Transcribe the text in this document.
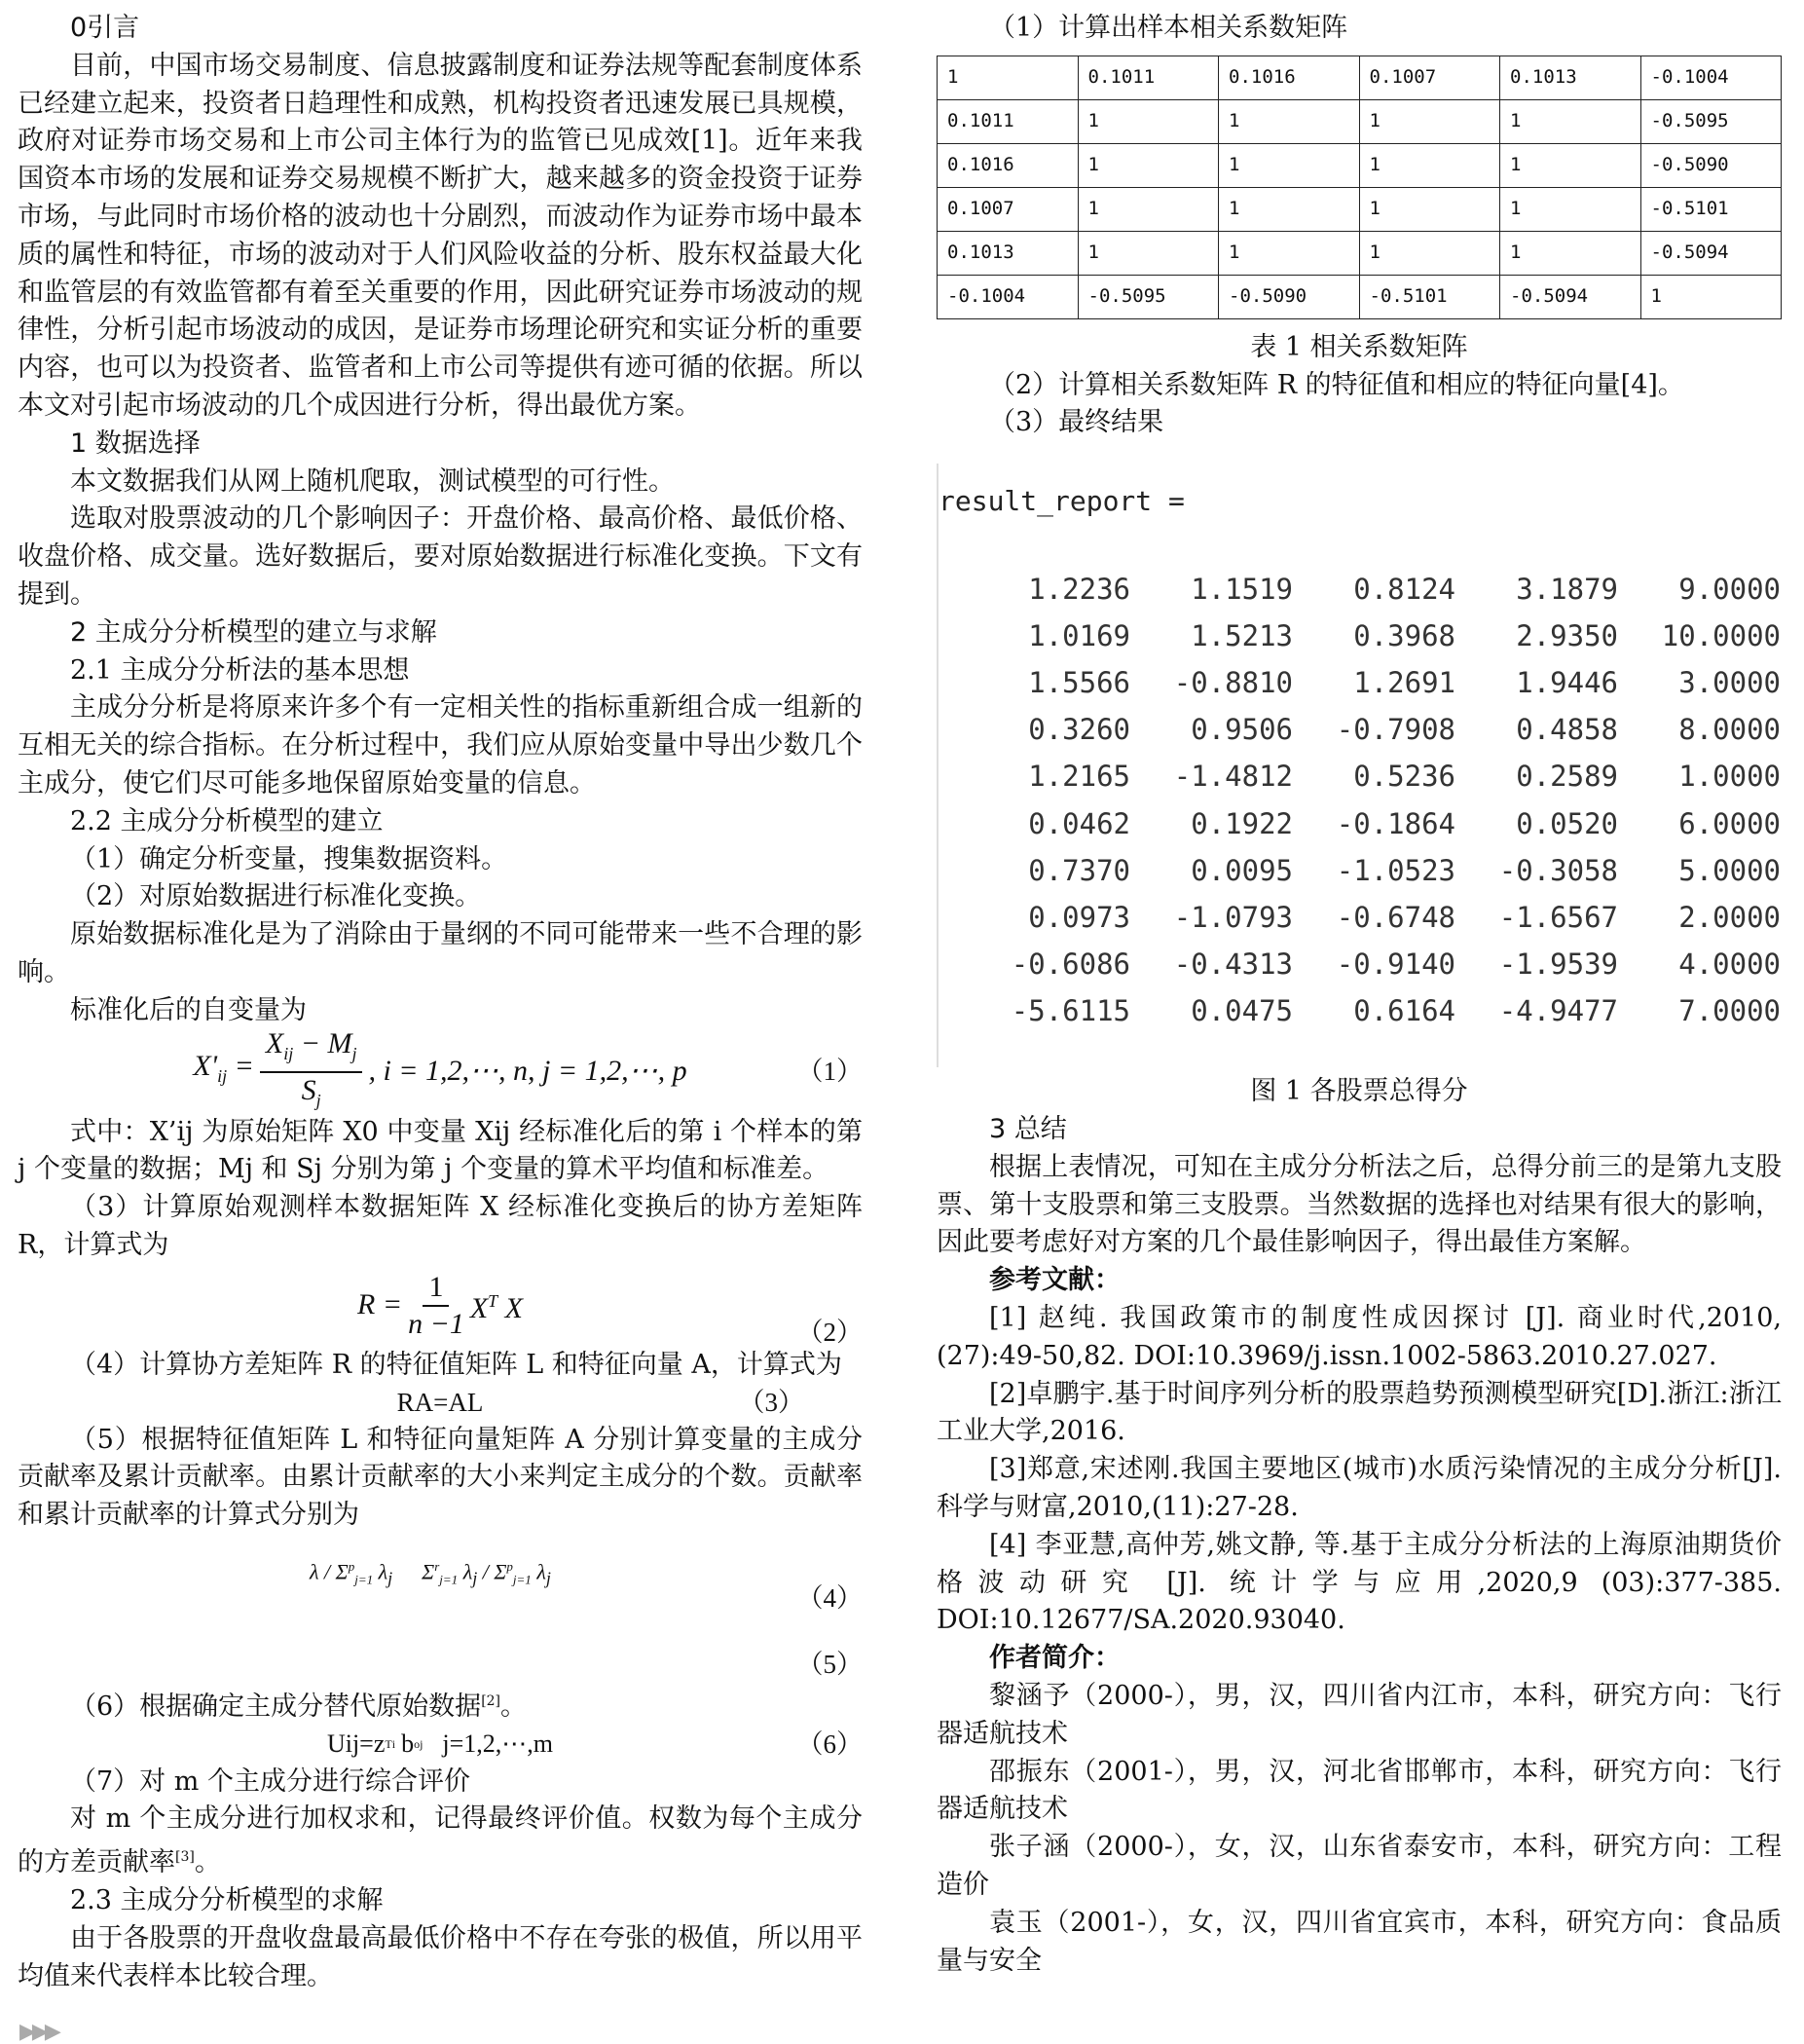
0引言

目前，中国市场交易制度、信息披露制度和证券法规等配套制度体系已经建立起来，投资者日趋理性和成熟，机构投资者迅速发展已具规模，政府对证券市场交易和上市公司主体行为的监管已见成效[1]。近年来我国资本市场的发展和证券交易规模不断扩大，越来越多的资金投资于证券市场，与此同时市场价格的波动也十分剧烈，而波动作为证券市场中最本质的属性和特征，市场的波动对于人们风险收益的分析、股东权益最大化和监管层的有效监管都有着至关重要的作用，因此研究证券市场波动的规律性，分析引起市场波动的成因，是证券市场理论研究和实证分析的重要内容，也可以为投资者、监管者和上市公司等提供有迹可循的依据。所以本文对引起市场波动的几个成因进行分析，得出最优方案。

1 数据选择

本文数据我们从网上随机爬取，测试模型的可行性。

选取对股票波动的几个影响因子：开盘价格、最高价格、最低价格、收盘价格、成交量。选好数据后，要对原始数据进行标准化变换。下文有提到。

2 主成分分析模型的建立与求解

2.1 主成分分析法的基本思想

主成分分析是将原来许多个有一定相关性的指标重新组合成一组新的互相无关的综合指标。在分析过程中，我们应从原始变量中导出少数几个主成分，使它们尽可能多地保留原始变量的信息。

2.2 主成分分析模型的建立

（1）确定分析变量，搜集数据资料。

（2）对原始数据进行标准化变换。

原始数据标准化是为了消除由于量纲的不同可能带来一些不合理的影响。

标准化后的自变量为

$X'_{ij} = \frac{X_{ij} - M_j}{S_j}$ , i = 1,2,⋯, n, j = 1,2,⋯, p	（1）

式中：X’ij 为原始矩阵 X0 中变量 Xij 经标准化后的第 i 个样本的第 j 个变量的数据；Mj 和 Sj 分别为第 j 个变量的算术平均值和标准差。

（3）计算原始观测样本数据矩阵 X 经标准化变换后的协方差矩阵 R，计算式为

$R = \frac{1}{n -1} X^T$ X
（2）

（4）计算协方差矩阵 R 的特征值矩阵 L 和特征向量 A，计算式为

RA=AL	（3）

（5）根据特征值矩阵 L 和特征向量矩阵 A 分别计算变量的主成分贡献率及累计贡献率。由累计贡献率的大小来判定主成分的个数。贡献率和累计贡献率的计算式分别为

λ / $\Sigma^p_{j=1}$ $\lambda_j$ $\Sigma^r_{j=1}$ $\lambda_j / \Sigma^p_{j=1}$ $\lambda_j$
（4）
（5）

（6）根据确定主成分替代原始数据[2]。

Uij=z T i b o j j=1,2,⋯,m	（6）

（7）对 m 个主成分进行综合评价

对 m 个主成分进行加权求和，记得最终评价值。权数为每个主成分的方差贡献率[3]。

2.3 主成分分析模型的求解

由于各股票的开盘收盘最高最低价格中不存在夸张的极值，所以用平均值来代表样本比较合理。

（1）计算出样本相关系数矩阵

1	0.1011	0.1016	0.1007	0.1013	-0.1004
0.1011	1	1	1	1	-0.5095
0.1016	1	1	1	1	-0.5090
0.1007	1	1	1	1	-0.5101
0.1013	1	1	1	1	-0.5094
-0.1004	-0.5095	-0.5090	-0.5101	-0.5094	1

表 1 相关系数矩阵

（2）计算相关系数矩阵 R 的特征值和相应的特征向量[4]。

（3）最终结果

result_report =
1.2236	1.1519	0.8124	3.1879	9.0000
1.0169	1.5213	0.3968	2.9350	10.0000
1.5566	-0.8810	1.2691	1.9446	3.0000
0.3260	0.9506	-0.7908	0.4858	8.0000
1.2165	-1.4812	0.5236	0.2589	1.0000
0.0462	0.1922	-0.1864	0.0520	6.0000
0.7370	0.0095	-1.0523	-0.3058	5.0000
0.0973	-1.0793	-0.6748	-1.6567	2.0000
-0.6086	-0.4313	-0.9140	-1.9539	4.0000
-5.6115	0.0475	0.6164	-4.9477	7.0000

图 1 各股票总得分

3 总结

根据上表情况，可知在主成分分析法之后，总得分前三的是第九支股票、第十支股票和第三支股票。当然数据的选择也对结果有很大的影响，因此要考虑好对方案的几个最佳影响因子，得出最佳方案解。

参考文献：

[1] 赵纯. 我国政策市的制度性成因探讨 [J]. 商业时代,2010,(27):49-50,82. DOI:10.3969/j.issn.1002-5863.2010.27.027.

[2]卓鹏宇.基于时间序列分析的股票趋势预测模型研究[D].浙江:浙江工业大学,2016.

[3]郑意,宋述刚.我国主要地区(城市)水质污染情况的主成分分析[J].科学与财富,2010,(11):27-28.

[4] 李亚慧,高仲芳,姚文静, 等.基于主成分分析法的上海原油期货价格波动研究 [J]. 统计学与应用,2020,9 (03):377-385. DOI:10.12677/SA.2020.93040.

作者简介：

黎涵予（2000-），男，汉，四川省内江市，本科，研究方向：飞行器适航技术

邵振东（2001-），男，汉，河北省邯郸市，本科，研究方向：飞行器适航技术

张子涵（2000-），女，汉，山东省泰安市，本科，研究方向：工程造价

袁玉（2001-），女，汉，四川省宜宾市，本科，研究方向：食品质量与安全

▶▶▶
